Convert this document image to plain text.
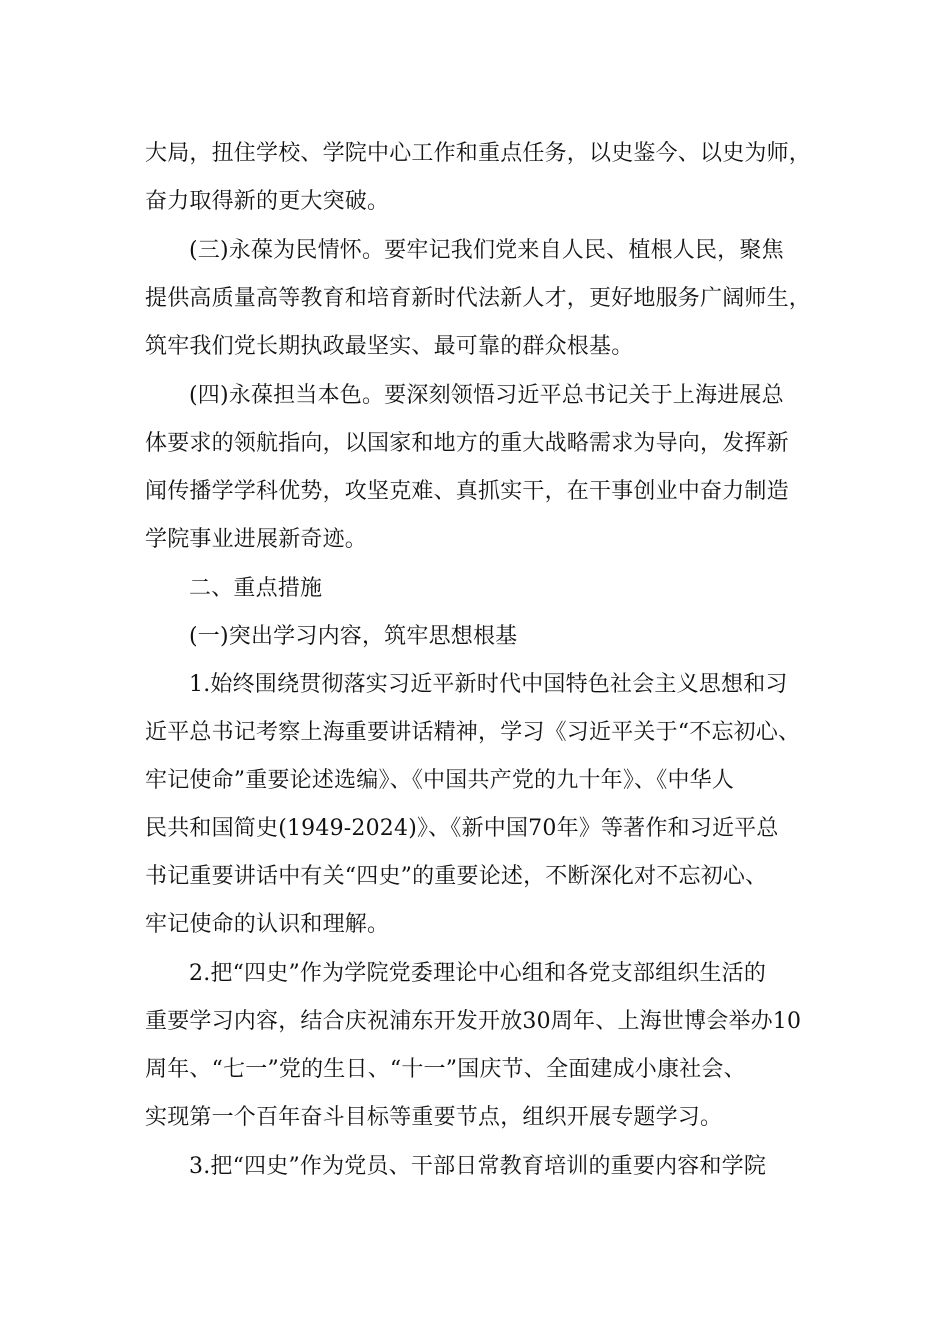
大局，扭住学校、学院中心工作和重点任务，以史鉴今、以史为师，
奋力取得新的更大突破。
(三)永葆为民情怀。要牢记我们党来自人民、植根人民，聚焦
提供高质量高等教育和培育新时代法新人才，更好地服务广阔师生，
筑牢我们党长期执政最坚实、最可靠的群众根基。
(四)永葆担当本色。要深刻领悟习近平总书记关于上海进展总
体要求的领航指向，以国家和地方的重大战略需求为导向，发挥新
闻传播学学科优势，攻坚克难、真抓实干，在干事创业中奋力制造
学院事业进展新奇迹。
二、重点措施
(一)突出学习内容，筑牢思想根基
1.始终围绕贯彻落实习近平新时代中国特色社会主义思想和习
近平总书记考察上海重要讲话精神，学习《习近平关于“不忘初心、
牢记使命”重要论述选编》、《中国共产党的九十年》、《中华人
民共和国简史(1949-2024)》、《新中国70年》等著作和习近平总
书记重要讲话中有关“四史”的重要论述，不断深化对不忘初心、
牢记使命的认识和理解。
2.把“四史”作为学院党委理论中心组和各党支部组织生活的
重要学习内容，结合庆祝浦东开发开放30周年、上海世博会举办10
周年、“七一”党的生日、“十一”国庆节、全面建成小康社会、
实现第一个百年奋斗目标等重要节点，组织开展专题学习。
3.把“四史”作为党员、干部日常教育培训的重要内容和学院
